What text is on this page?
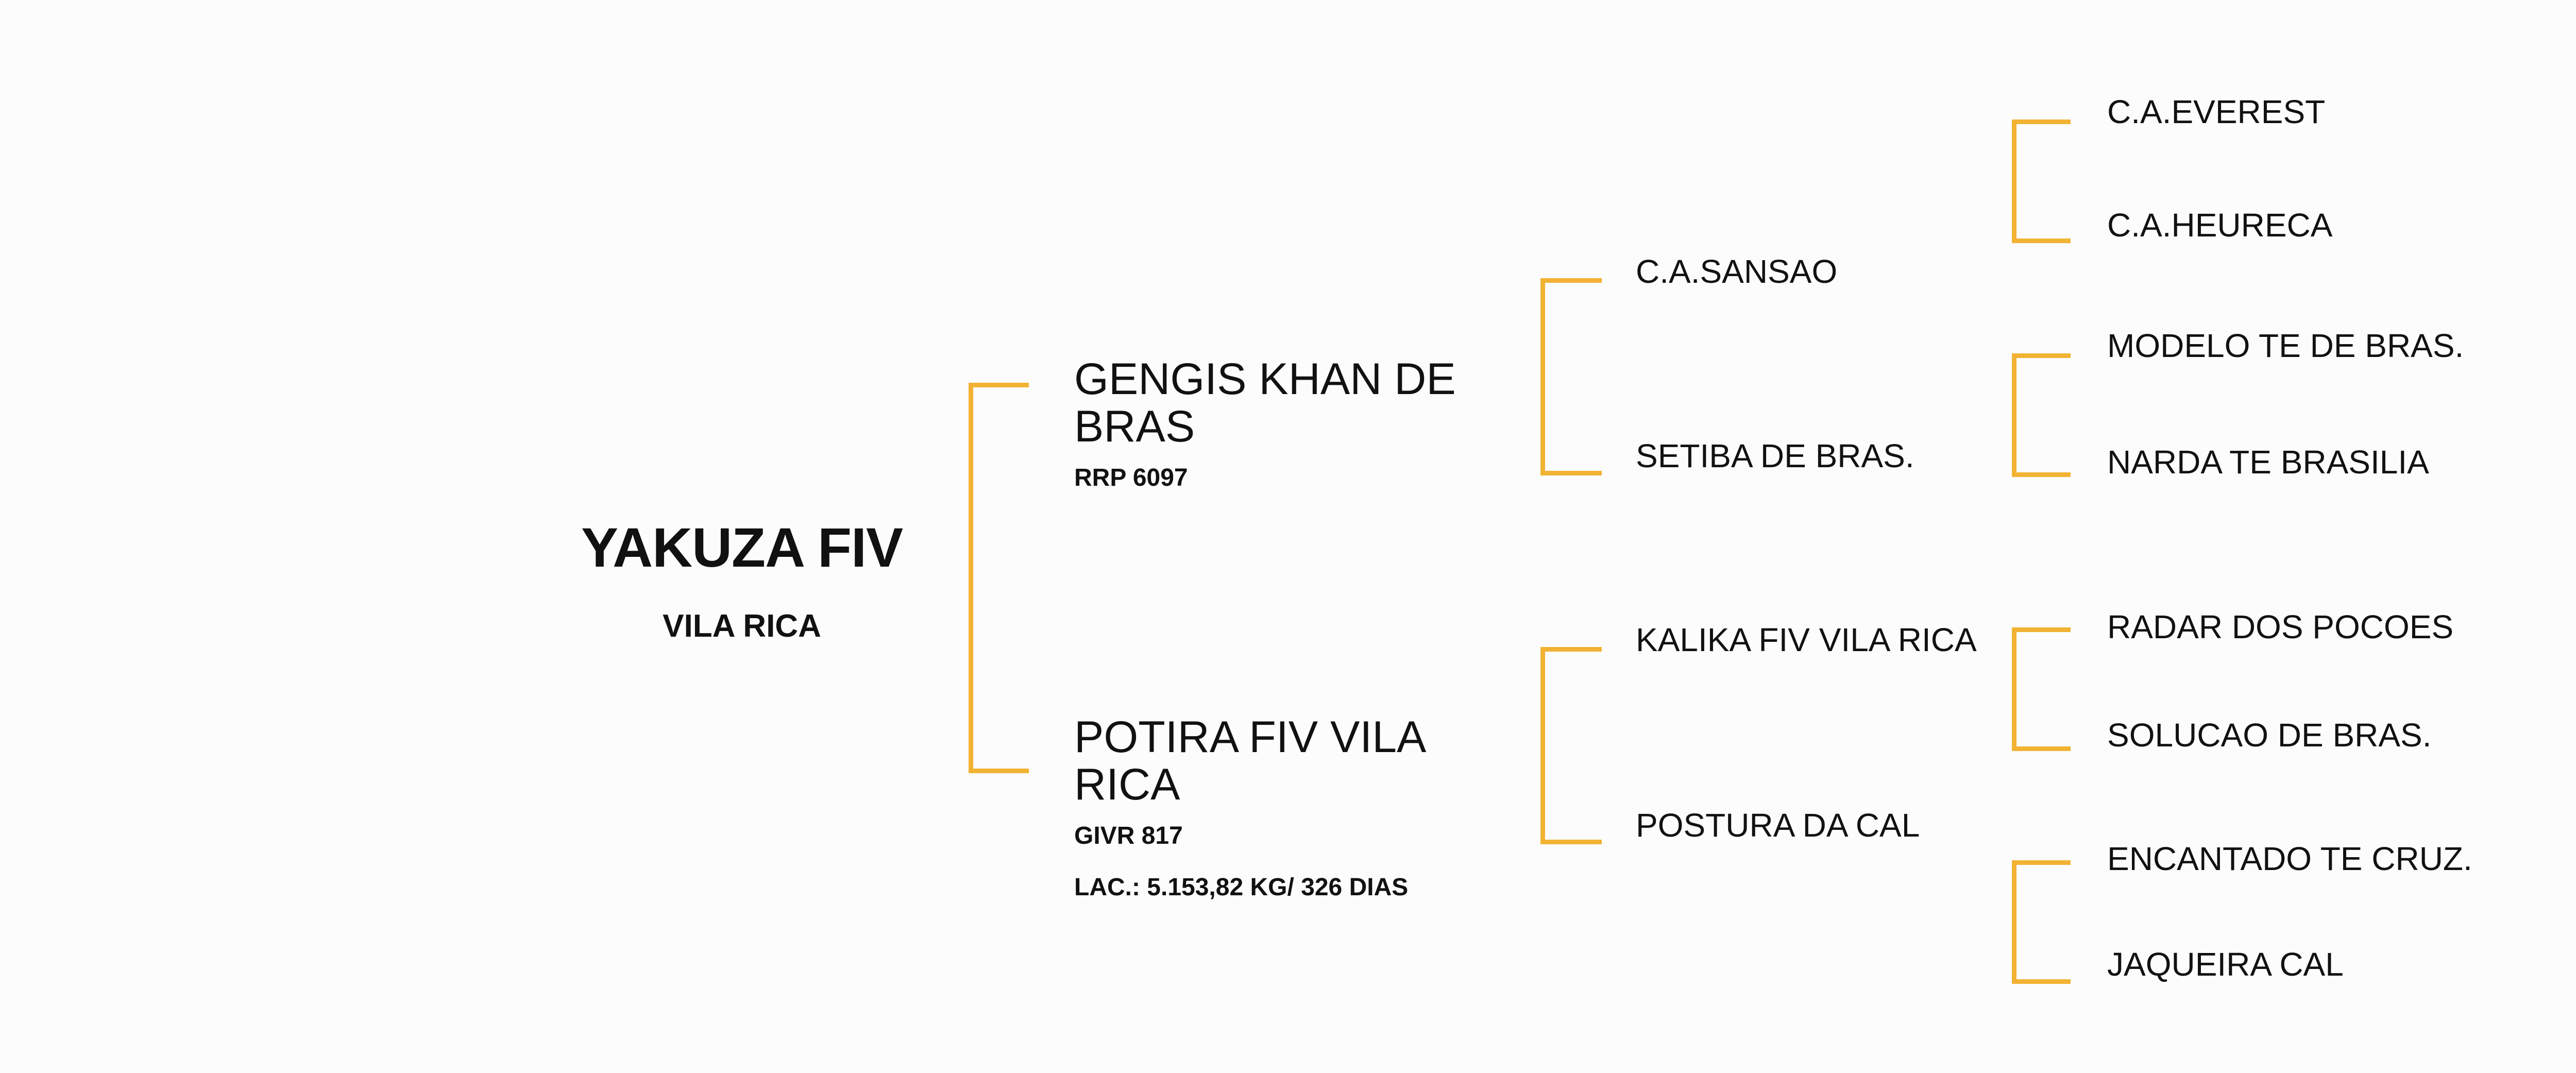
YAKUZA FIV
VILA RICA
GENGIS KHAN DE BRAS
RRP 6097
POTIRA FIV VILA RICA
GIVR 817
LAC.: 5.153,82 KG/ 326 DIAS
C.A.SANSAO
SETIBA DE BRAS.
KALIKA FIV VILA RICA
POSTURA DA CAL
C.A.EVEREST
C.A.HEURECA
MODELO TE DE BRAS.
NARDA TE BRASILIA
RADAR DOS POCOES
SOLUCAO DE BRAS.
ENCANTADO TE CRUZ.
JAQUEIRA CAL
